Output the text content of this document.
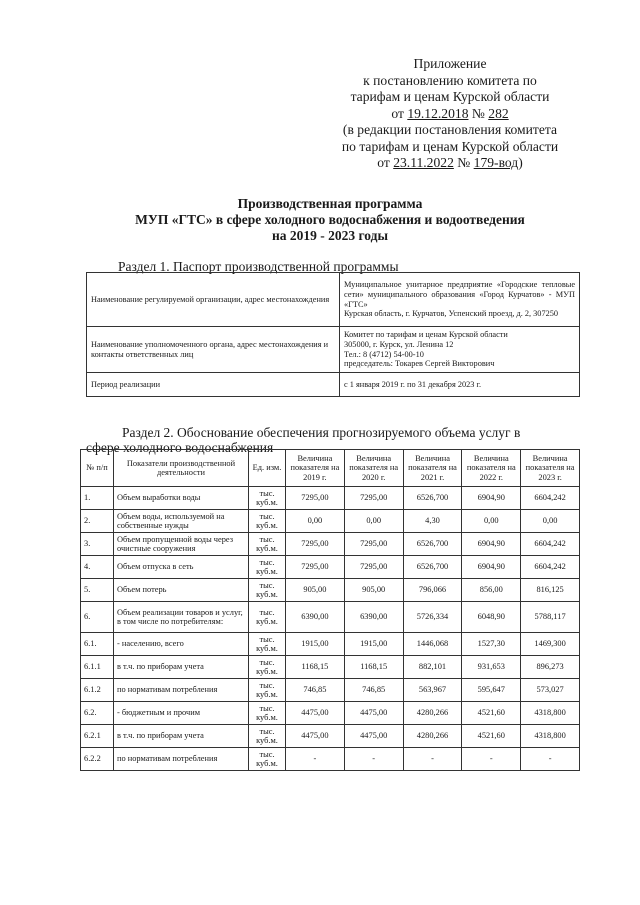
Приложение
к постановлению комитета по
тарифам и ценам Курской области
от 19.12.2018 № 282
(в редакции постановления комитета
по тарифам и ценам Курской области
от 23.11.2022 № 179-вод)
Производственная программа
МУП «ГТС» в сфере холодного водоснабжения и водоотведения
на 2019 - 2023 годы
Раздел 1. Паспорт производственной программы
Наименование регулируемой организации, адрес местонахождения	Муниципальное унитарное предприятие «Городские тепловые сети» муниципального образования «Город Курчатов» - МУП «ГТС»
Курская область, г. Курчатов, Успенский проезд, д. 2, 307250

Наименование уполномоченного органа, адрес местонахождения и контакты ответственных лиц	Комитет по тарифам и ценам Курской области
305000, г. Курск, ул. Ленина 12
Тел.: 8 (4712) 54-00-10
председатель: Токарев Сергей Викторович

Период реализации	с 1 января 2019 г. по 31 декабря 2023 г.
Раздел 2. Обоснование обеспечения прогнозируемого объема услуг в
сфере холодного водоснабжения
№ п/п	Показатели производственной деятельности	Ед. изм.	Величина показателя на 2019 г.	Величина показателя на 2020 г.	Величина показателя на 2021 г.	Величина показателя на 2022 г.	Величина показателя на 2023 г.
1.	Объем выработки воды	тыс. куб.м.	7295,00	7295,00	6526,700	6904,90	6604,242
2.	Объем воды, используемой на собственные нужды	тыс. куб.м.	0,00	0,00	4,30	0,00	0,00
3.	Объем пропущенной воды через очистные сооружения	тыс. куб.м.	7295,00	7295,00	6526,700	6904,90	6604,242
4.	Объем отпуска в сеть	тыс. куб.м.	7295,00	7295,00	6526,700	6904,90	6604,242
5.	Объем потерь	тыс. куб.м.	905,00	905,00	796,066	856,00	816,125
6.	Объем реализации товаров и услуг, в том числе по потребителям:	тыс. куб.м.	6390,00	6390,00	5726,334	6048,90	5788,117
6.1.	- населению, всего	тыс. куб.м.	1915,00	1915,00	1446,068	1527,30	1469,300
6.1.1	в т.ч. по приборам учета	тыс. куб.м.	1168,15	1168,15	882,101	931,653	896,273
6.1.2	по нормативам потребления	тыс. куб.м.	746,85	746,85	563,967	595,647	573,027
6.2.	- бюджетным и прочим	тыс. куб.м.	4475,00	4475,00	4280,266	4521,60	4318,800
6.2.1	в т.ч. по приборам учета	тыс. куб.м.	4475,00	4475,00	4280,266	4521,60	4318,800
6.2.2	по нормативам потребления	тыс. куб.м.	-	-	-	-	-
